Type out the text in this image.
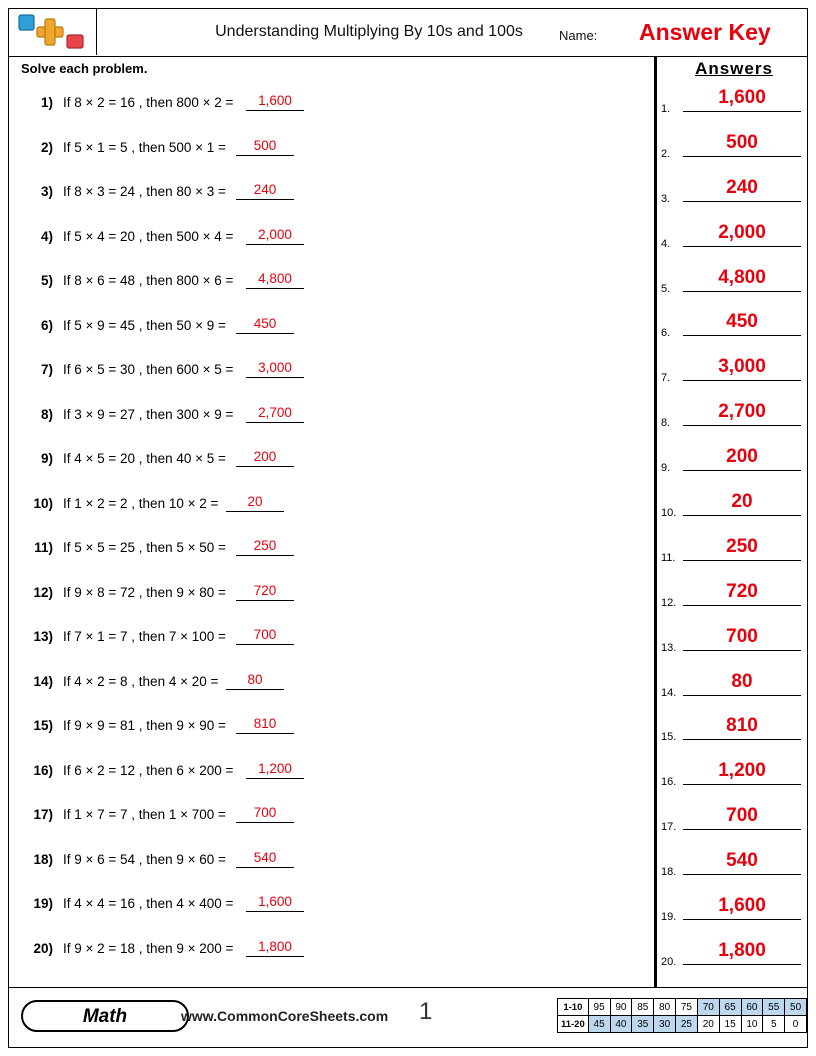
Understanding Multiplying By 10s and 100s	Name: Answer Key
Solve each problem.	Answers
1) If 8 × 2 = 16 , then 800 × 2 =	1,600
2) If 5 × 1 = 5 , then 500 × 1 =	500
3) If 8 × 3 = 24 , then 80 × 3 =	240
4) If 5 × 4 = 20 , then 500 × 4 =	2,000
5) If 8 × 6 = 48 , then 800 × 6 =	4,800
6) If 5 × 9 = 45 , then 50 × 9 =	450
7) If 6 × 5 = 30 , then 600 × 5 =	3,000
8) If 3 × 9 = 27 , then 300 × 9 =	2,700
9) If 4 × 5 = 20 , then 40 × 5 =	200
10) If 1 × 2 = 2 , then 10 × 2 =	20
11) If 5 × 5 = 25 , then 5 × 50 =	250
12) If 9 × 8 = 72 , then 9 × 80 =	720
13) If 7 × 1 = 7 , then 7 × 100 =	700
14) If 4 × 2 = 8 , then 4 × 20 =	80
15) If 9 × 9 = 81 , then 9 × 90 =	810
16) If 6 × 2 = 12 , then 6 × 200 =	1,200
17) If 1 × 7 = 7 , then 1 × 700 =	700
18) If 9 × 6 = 54 , then 9 × 60 =	540
19) If 4 × 4 = 16 , then 4 × 400 =	1,600
20) If 9 × 2 = 18 , then 9 × 200 =	1,800
1.
1,600
2.
500
3.
240
4.
2,000
5.
4,800
6.
450
7.
3,000
8.
2,700
9.
200
10.
20
11.
250
12.
720
13.
700
14.
80
15.
810
16.
1,200
17.
700
18.
540
19.
1,600
20.
1,800
Math	www.CommonCoreSheets.com 1	1-10	95	90	85	80	75	70	65	60	55	50
11-20	45	40	35	30	25	20	15	10	5	0
